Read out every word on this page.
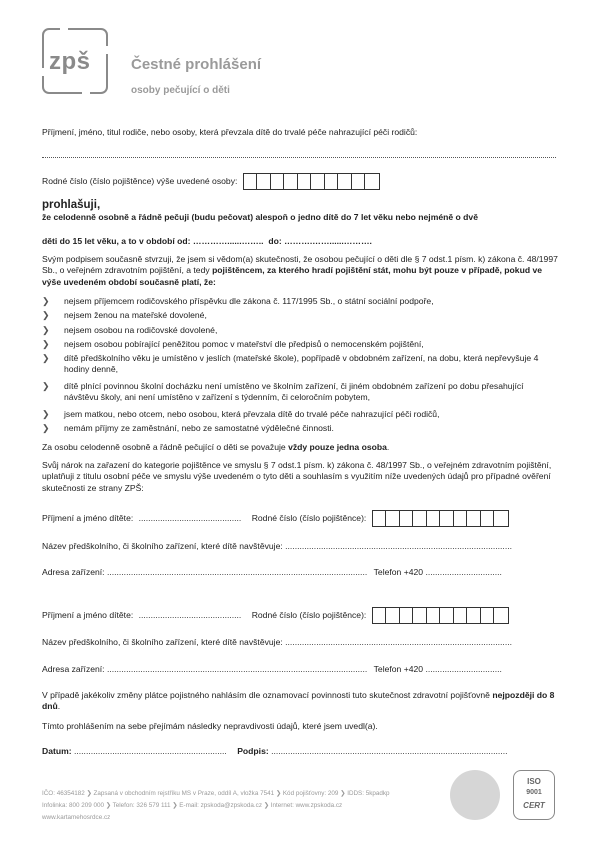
zpš	Čestné prohlášení
osoby pečující o děti
Příjmení, jméno, titul rodiče, nebo osoby, která převzala dítě do trvalé péče nahrazující péči rodičů:
Rodné číslo (číslo pojištěnce) výše uvedené osoby:
prohlašuji,
že celodenně osobně a řádně pečuji (budu pečovat) alespoň o jedno dítě do 7 let věku nebo nejméně o dvě
děti do 15 let věku, a to v období od: …………......…….. do: ……….……......……….
Svým podpisem současně stvrzuji, že jsem si vědom(a) skutečnosti, že osobou pečující o děti dle § 7 odst.1 písm. k) zákona č. 48/1997 Sb., o veřejném zdravotním pojištění, a tedy pojištěncem, za kterého hradí pojištění stát, mohu být pouze v případě, pokud ve výše uvedeném období současně platí, že:
❯ nejsem příjemcem rodičovského příspěvku dle zákona č. 117/1995 Sb., o státní sociální podpoře,
❯ nejsem ženou na mateřské dovolené,
❯ nejsem osobou na rodičovské dovolené,
❯ nejsem osobou pobírající peněžitou pomoc v mateřství dle předpisů o nemocenském pojištění,
❯ dítě předškolního věku je umístěno v jeslích (mateřské škole), popřípadě v obdobném zařízení, na dobu, která nepřevyšuje 4 hodiny denně,
❯ dítě plnící povinnou školní docházku není umístěno ve školním zařízení, či jiném obdobném zařízení po dobu přesahující návštěvu školy, ani není umístěno v zařízení s týdenním, či celoročním pobytem,
❯ jsem matkou, nebo otcem, nebo osobou, která převzala dítě do trvalé péče nahrazující péči rodičů,
❯ nemám příjmy ze zaměstnání, nebo ze samostatné výdělečné činnosti.
Za osobu celodenně osobně a řádně pečující o děti se považuje vždy pouze jedna osoba.
Svůj nárok na zařazení do kategorie pojištěnce ve smyslu § 7 odst.1 písm. k) zákona č. 48/1997 Sb., o veřejném zdravotním pojištění, uplatňuji z titulu osobní péče ve smyslu výše uvedeném o tyto děti a souhlasím s využitím níže uvedených údajů pro případné ověření skutečnosti ze strany ZPŠ:
Příjmení a jméno dítěte: ........................................... Rodné číslo (číslo pojištěnce):
Název předškolního, či školního zařízení, které dítě navštěvuje: ...............................................................................................
Adresa zařízení: ............................................................................................................. Telefon +420 ................................
Příjmení a jméno dítěte: ........................................... Rodné číslo (číslo pojištěnce):
Název předškolního, či školního zařízení, které dítě navštěvuje: ...............................................................................................
Adresa zařízení: ............................................................................................................. Telefon +420 ................................
V případě jakékoliv změny plátce pojistného nahlásím dle oznamovací povinnosti tuto skutečnost zdravotní pojišťovně nejpozději do 8 dnů.
Tímto prohlášením na sebe přejímám následky nepravdivosti údajů, které jsem uvedl(a).
Datum: ................................................................ Podpis: ...................................................................................................
IČO: 46354182 ❯ Zapsaná v obchodním rejstříku MS v Praze, oddíl A, vložka 7541 ❯ Kód pojišťovny: 209 ❯ IDDS: 5kpadkp
Infolinka: 800 209 000 ❯ Telefon: 326 579 111 ❯ E-mail: zpskoda@zpskoda.cz ❯ Internet: www.zpskoda.cz
www.kartamehosrdce.cz
ISO
9001
CERT
